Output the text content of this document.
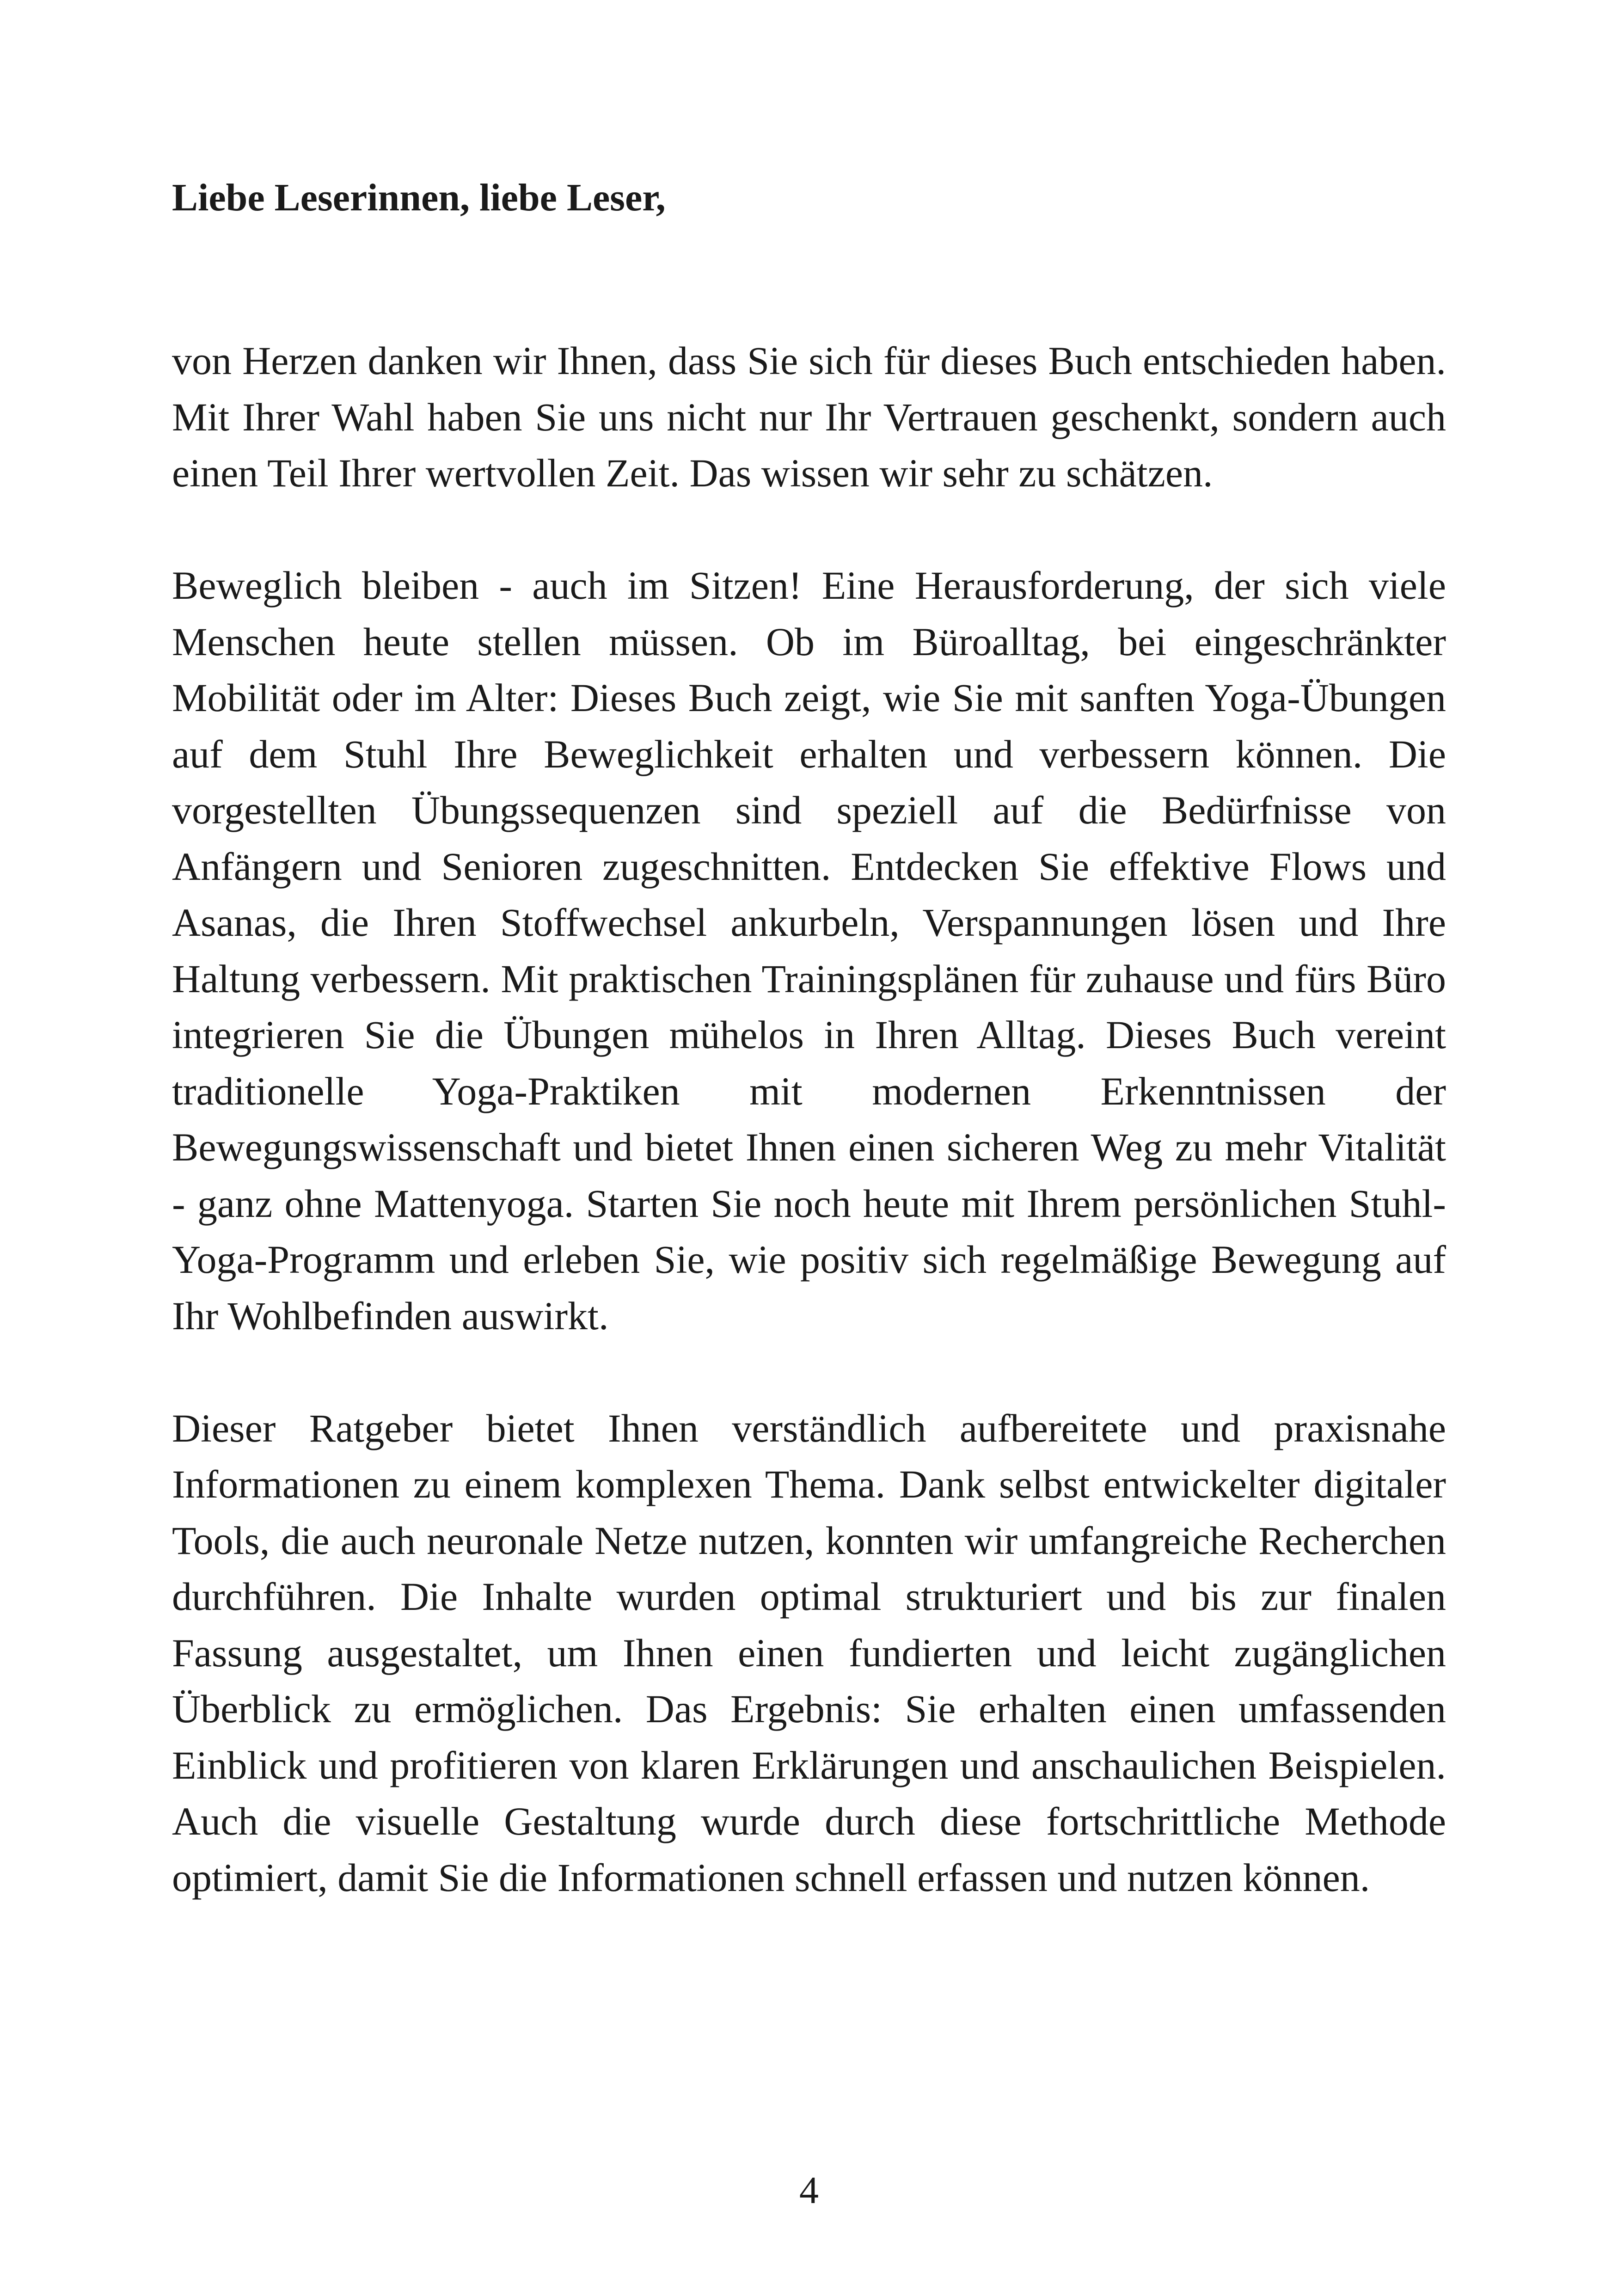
Liebe Leserinnen, liebe Leser,

von Herzen danken wir Ihnen, dass Sie sich für dieses Buch entschieden haben. Mit Ihrer Wahl haben Sie uns nicht nur Ihr Vertrauen geschenkt, sondern auch einen Teil Ihrer wertvollen Zeit. Das wissen wir sehr zu schätzen.

Beweglich bleiben - auch im Sitzen! Eine Herausforderung, der sich viele Menschen heute stellen müssen. Ob im Büroalltag, bei eingeschränkter Mobilität oder im Alter: Dieses Buch zeigt, wie Sie mit sanften Yoga-Übungen auf dem Stuhl Ihre Beweglichkeit erhalten und verbessern können. Die vorgestellten Übungssequenzen sind speziell auf die Bedürfnisse von Anfängern und Senioren zugeschnitten. Entdecken Sie effektive Flows und Asanas, die Ihren Stoffwechsel ankurbeln, Verspannungen lösen und Ihre Haltung verbessern. Mit praktischen Trainingsplänen für zuhause und fürs Büro integrieren Sie die Übungen mühelos in Ihren Alltag. Dieses Buch vereint traditionelle Yoga-Praktiken mit modernen Erkenntnissen der Bewegungswissenschaft und bietet Ihnen einen sicheren Weg zu mehr Vitalität - ganz ohne Mattenyoga. Starten Sie noch heute mit Ihrem persönlichen Stuhl-Yoga-Programm und erleben Sie, wie positiv sich regelmäßige Bewegung auf Ihr Wohlbefinden auswirkt.

Dieser Ratgeber bietet Ihnen verständlich aufbereitete und praxisnahe Informationen zu einem komplexen Thema. Dank selbst entwickelter digitaler Tools, die auch neuronale Netze nutzen, konnten wir umfangreiche Recherchen durchführen. Die Inhalte wurden optimal strukturiert und bis zur finalen Fassung ausgestaltet, um Ihnen einen fundierten und leicht zugänglichen Überblick zu ermöglichen. Das Ergebnis: Sie erhalten einen umfassenden Einblick und profitieren von klaren Erklärungen und anschaulichen Beispielen. Auch die visuelle Gestaltung wurde durch diese fortschrittliche Methode optimiert, damit Sie die Informationen schnell erfassen und nutzen können.

4
